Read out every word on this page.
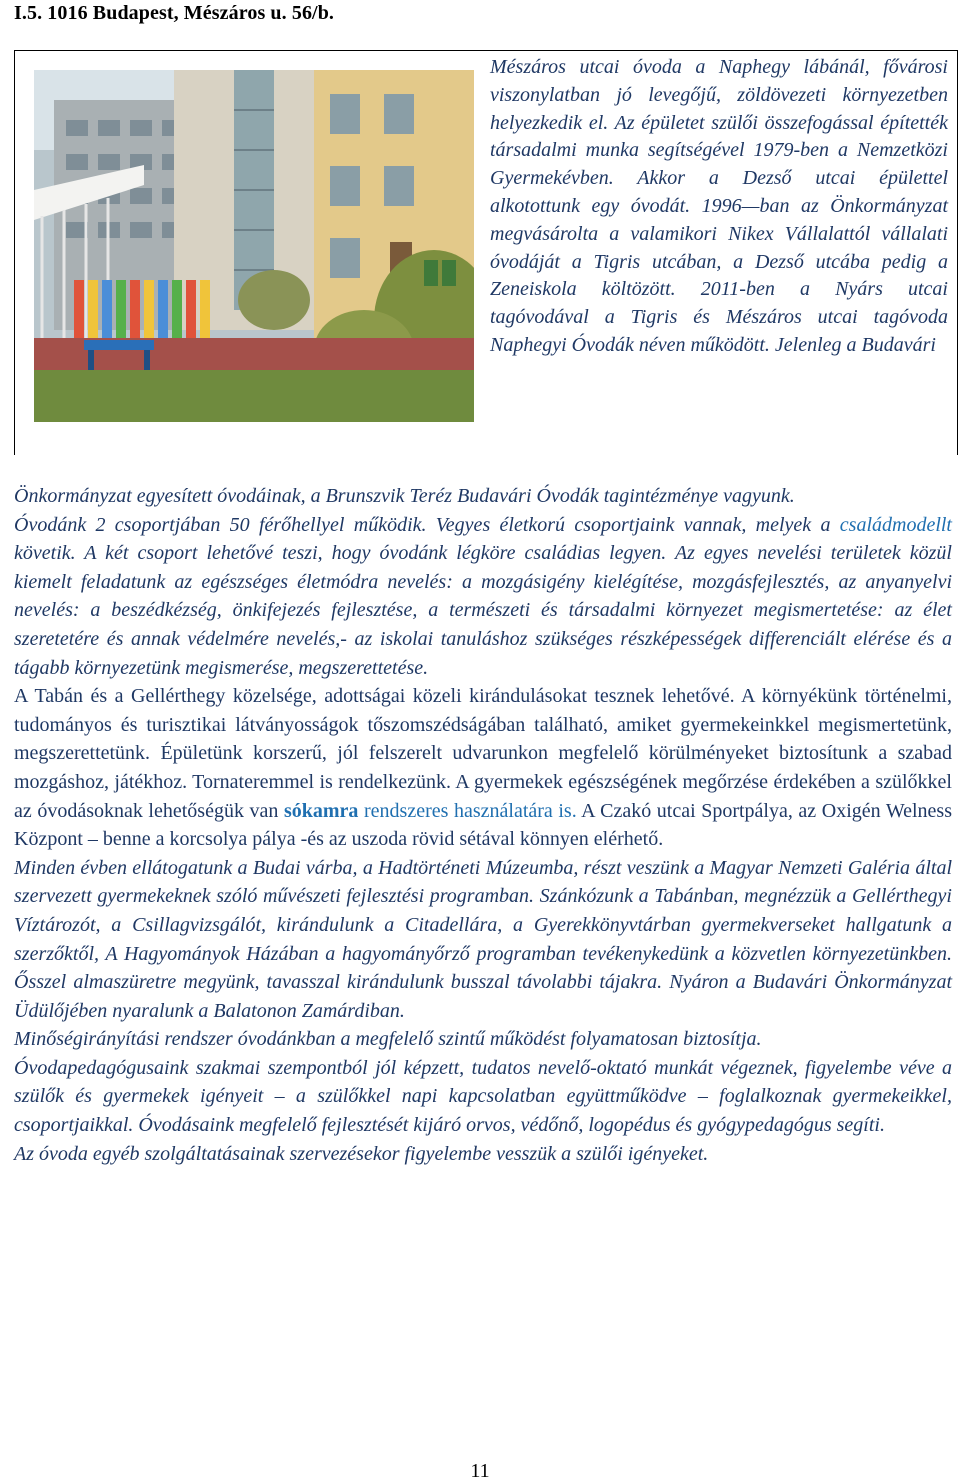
I.5. 1016 Budapest, Mészáros u. 56/b.

Mészáros utcai óvoda a Naphegy lábánál, fővárosi viszonylatban jó levegőjű, zöldövezeti környezetben helyezkedik el. Az épületet szülői összefogással építették társadalmi munka segítségével 1979-ben a Nemzetközi Gyermekévben. Akkor a Dezső utcai épülettel alkotottunk egy óvodát. 1996—ban az Önkormányzat megvásárolta a valamikori Nikex Vállalattól vállalati óvodáját a Tigris utcában, a Dezső utcába pedig a Zeneiskola költözött. 2011-ben a Nyárs utcai tagóvodával a Tigris és Mészáros utcai tagóvoda Naphegyi Óvodák néven működött. Jelenleg a Budavári

Önkormányzat egyesített óvodáinak, a Brunszvik Teréz Budavári Óvodák tagintézménye vagyunk.
Óvodánk 2 csoportjában 50 férőhellyel működik. Vegyes életkorú csoportjaink vannak, melyek a családmodellt követik. A két csoport lehetővé teszi, hogy óvodánk légköre családias legyen. Az egyes nevelési területek közül kiemelt feladatunk az egészséges életmódra nevelés: a mozgásigény kielégítése, mozgásfejlesztés, az anyanyelvi nevelés: a beszédkézség, önkifejezés fejlesztése, a természeti és társadalmi környezet megismertetése: az élet szeretetére és annak védelmére nevelés,- az iskolai tanuláshoz szükséges részképességek differenciált elérése és a tágabb környezetünk megismerése, megszerettetése.

A Tabán és a Gellérthegy közelsége, adottságai közeli kirándulásokat tesznek lehetővé. A környékünk történelmi, tudományos és turisztikai látványosságok tőszomszédságában található, amiket gyermekeinkkel megismertetünk, megszerettetünk. Épületünk korszerű, jól felszerelt udvarunkon megfelelő körülményeket biztosítunk a szabad mozgáshoz, játékhoz. Tornateremmel is rendelkezünk. A gyermekek egészségének megőrzése érdekében a szülőkkel az óvodásoknak lehetőségük van sókamra rendszeres használatára is. A Czakó utcai Sportpálya, az Oxigén Welness Központ – benne a korcsolya pálya -és az uszoda rövid sétával könnyen elérhető.

Minden évben ellátogatunk a Budai várba, a Hadtörténeti Múzeumba, részt veszünk a Magyar Nemzeti Galéria által szervezett gyermekeknek szóló művészeti fejlesztési programban. Szánkózunk a Tabánban, megnézzük a Gellérthegyi Víztározót, a Csillagvizsgálót, kirándulunk a Citadellára, a Gyerekkönyvtárban gyermekverseket hallgatunk a szerzőktől, A Hagyományok Házában a hagyományőrző programban tevékenykedünk a közvetlen környezetünkben. Ősszel almaszüretre megyünk, tavasszal kirándulunk busszal távolabbi tájakra. Nyáron a Budavári Önkormányzat Üdülőjében nyaralunk a Balatonon Zamárdiban.

Minőségirányítási rendszer óvodánkban a megfelelő szintű működést folyamatosan biztosítja.

Óvodapedagógusaink szakmai szempontból jól képzett, tudatos nevelő-oktató munkát végeznek, figyelembe véve a szülők és gyermekek igényeit – a szülőkkel napi kapcsolatban együttműködve – foglalkoznak gyermekeikkel, csoportjaikkal. Óvodásaink megfelelő fejlesztését kijáró orvos, védőnő, logopédus és gyógypedagógus segíti.

Az óvoda egyéb szolgáltatásainak szervezésekor figyelembe vesszük a szülői igényeket.

11
